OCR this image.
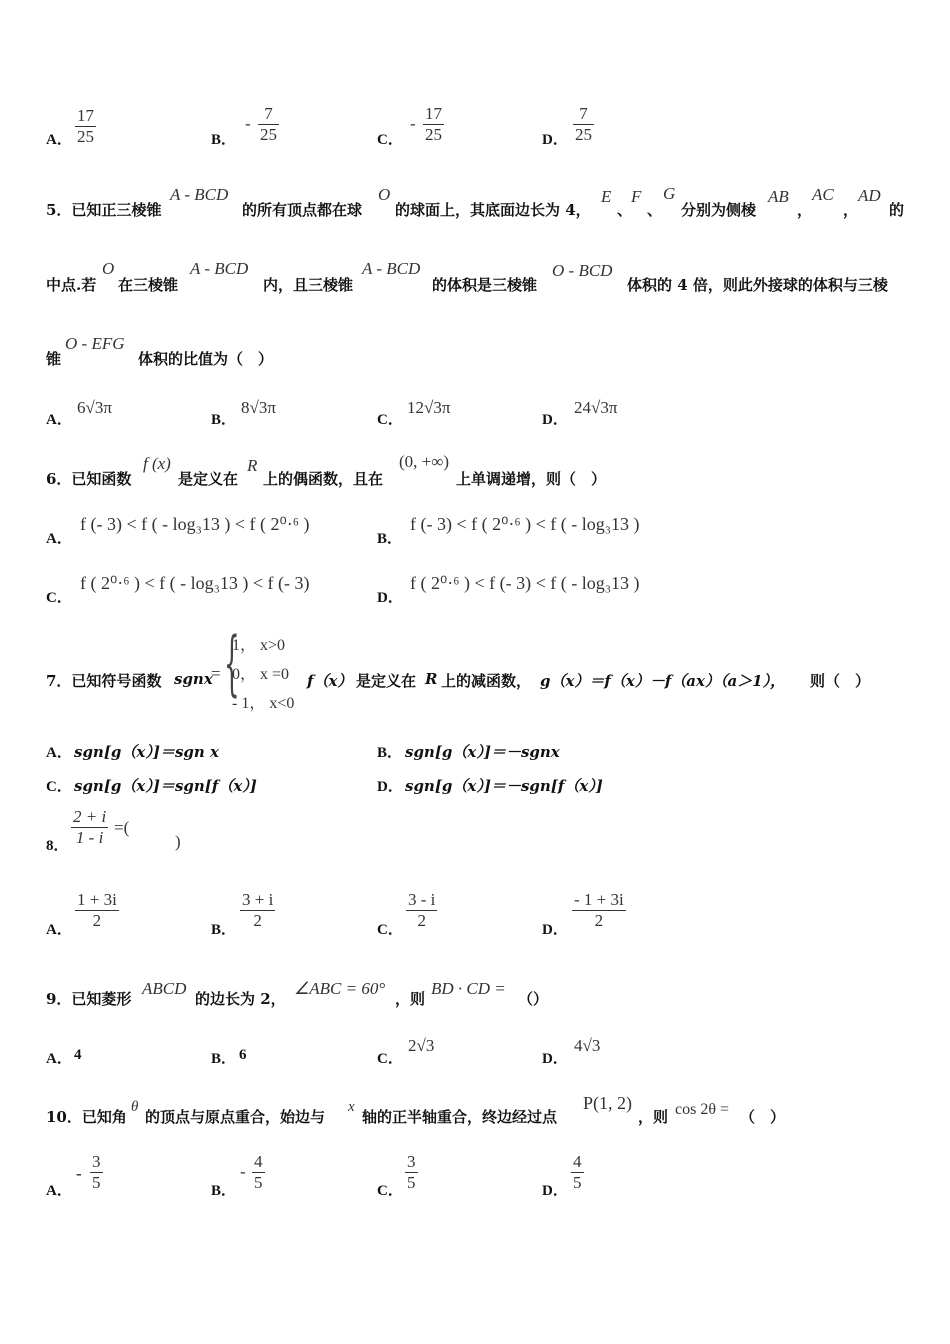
A． $\frac{17}{25}$	B．
- $\frac{7}{25}$	C．
- $\frac{17}{25}$	D． $\frac{7}{25}$
5．已知正三棱锥
A - BCD
的所有顶点都在球
O
的球面上，其底面边长为 4，
E
、
F
、
G
分别为侧棱
AB
，
AC
，
AD
的
中点.若
O
在三棱锥
A - BCD
内，且三棱锥
A - BCD
的体积是三棱锥
O - BCD
体积的 4 倍，则此外接球的体积与三棱
锥
O - EFG
体积的比值为（　）
A．
6√3π
B．
8√3π
C．
12√3π
D．
24√3π
6．已知函数
f (x)
是定义在
R
上的偶函数，且在
(0, +∞)
上单调递增，则（　）
A．
f (- 3) < f ( - log₃13 ) < f ( 2⁰·⁶ )
B．
f (- 3) < f ( 2⁰·⁶ ) < f ( - log₃13 )
C．
f ( 2⁰·⁶ ) < f ( - log₃13 ) < f (- 3)
D．
f ( 2⁰·⁶ ) < f (- 3) < f ( - log₃13 )
7．已知符号函数 sgnx
= {
1， x>0
0， x =0
- 1， x<0
f（x） 是定义在 R 上的减函数， g（x）＝f（x）－f（ax）（a＞1）， 则（　）
A． sgn[g（x）]＝sgn x	B． sgn[g（x）]＝－sgnx
C． sgn[g（x）]＝sgn[f（x）]	D． sgn[g（x）]＝－sgn[f（x）]
8． $\frac{2 + i}{1 - i}$ =(
)
A． $\frac{1 + 3i}{2}$	B． $\frac{3 + i}{2}$	C． $\frac{3 - i}{2}$	D． $\frac{- 1 + 3i}{2}$
9．已知菱形
ABCD
的边长为 2，
∠ABC = 60°
，则
BD · CD =
（）
A． 4	B． 6	C．
2√3
D．
4√3
10．已知角
θ
的顶点与原点重合，始边与
x
轴的正半轴重合，终边经过点
P(1, 2)
，则 cos 2θ = （　）
A．
- $\frac{3}{5}$	B．
- $\frac{4}{5}$	C． $\frac{3}{5}$	D． $\frac{4}{5}$
